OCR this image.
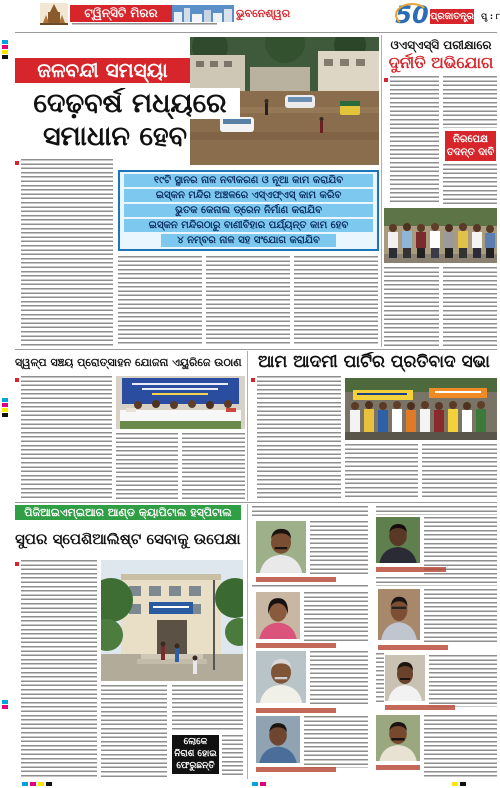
ଟ୍ୱିନ୍‌ସିଟି ମିରର	ଭୁବନେଶ୍ୱର	50 ପ୍ରଜାତନ୍ତ୍ର ପୃ : ୮
ଜଳବନ୍ଦୀ ସମସ୍ୟା
ଦେଢ଼ବର୍ଷ ମଧ୍ୟରେ
ସମାଧାନ ହେବ
୧୯ଟି ସ୍ଥାନର ନାଳ ନବୀକରଣ ଓ ନୂଆ କାମ କରାଯିବ
ଇସ୍କନ ମନ୍ଦିର ଅଞ୍ଚଳରେ ଏସ୍‌ଏଫ୍‌ଏସ୍‌ କାମ କରିବ
ଭୁତକ କେନାଲ ଡ୍ରେନ ନିର୍ମାଣ କରାଯିବ
ଇସ୍କନ ମନ୍ଦିରଠାରୁ ବାଣୀବିହାର ପର୍ଯ୍ୟନ୍ତ କାମ ହେବ
୪ ନମ୍ବର ନାଳ ସହ ସଂଯୋଗ କରାଯିବ
ଓଏସ୍‌ଏସ୍‌ସି ପରୀକ୍ଷାରେ
ଦୁର୍ନୀତି ଅଭିଯୋଗ
ନିରପେକ୍ଷ
ତଦନ୍ତ ଦାବି
ସ୍ୱଳ୍ପ ସଞ୍ଚୟ ପ୍ରୋତ୍ସାହନ ଯୋଜନା ଏୟୁରିଜେ ଉଠାଣ ଆମ ଆଦମୀ ପାର୍ଟିର ପ୍ରତିବାଦ ସଭା
ପିଜିଆଇଏମ୍‌ଇଆର ଆଣ୍ଡ କ୍ୟାପିଟାଲ ହସ୍ପିଟାଲ
ସୁପର ସ୍ପେଶିଆଲିଷ୍ଟ ସେବାକୁ ଉପେକ୍ଷା
ଲୋକେ
ନିରାଶ ହୋଇ
ଫେରୁଛନ୍ତି
